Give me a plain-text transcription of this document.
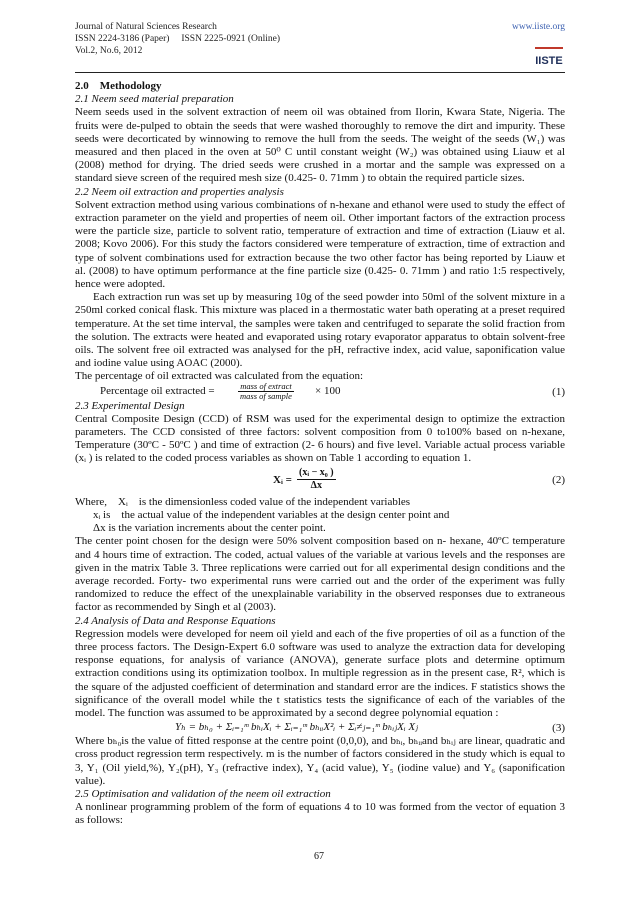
Journal of Natural Sciences Research
ISSN 2224-3186 (Paper)     ISSN 2225-0921 (Online)
Vol.2, No.6, 2012
www.iiste.org
IISTE

2.0    Methodology

2.1 Neem seed material preparation

Neem seeds used in the solvent extraction of neem oil was obtained from Ilorin, Kwara State, Nigeria. The fruits were de-pulped to obtain the seeds that were washed thoroughly to remove the dirt and impurity. These seeds were decorticated by winnowing to remove the hull from the seeds. The weight of the seeds (W₁) was measured and then placed in the oven at 50⁰ C until constant weight (W₂) was obtained using Liauw et al (2008) method for drying. The dried seeds were crushed in a mortar and the sample was expressed on a standard sieve screen of the required mesh size (0.425- 0. 71mm ) to obtain the required particle sizes.

2.2 Neem oil extraction and properties analysis

Solvent extraction method using various combinations of n-hexane and ethanol were used to study the effect of extraction parameter on the yield and properties of neem oil. Other important factors of the extraction process were the particle size, particle to solvent ratio, temperature of extraction and time of extraction (Liauw et al. 2008; Kovo 2006). For this study the factors considered were temperature of extraction, time of extraction and type of solvent combinations used for extraction because the two other factor has being reported by Liauw et al. (2008) to have optimum performance at the fine particle size (0.425- 0. 71mm ) and ratio 1:5 respectively, hence were adopted.

Each extraction run was set up by measuring 10g of the seed powder into 50ml of the solvent mixture in a 250ml corked conical flask. This mixture was placed in a thermostatic water bath operating at a preset required temperature. At the set time interval, the samples were taken and centrifuged to separate the solid fraction from the solution. The extracts were heated and evaporated using rotary evaporator apparatus to obtain solvent-free oils. The solvent free oil extracted was analysed for the pH, refractive index, acid value, saponification value and iodine value using AOAC (2000).

The percentage of oil extracted was calculated from the equation:

Percentage oil extracted =	mass of extract
mass of sample × 100	(1)

2.3 Experimental Design

Central Composite Design (CCD) of RSM was used for the experimental design to optimize the extraction parameters. The CCD consisted of three factors: solvent composition from 0 to100% based on n-hexane, Temperature (30ºC - 50ºC ) and time of extraction (2- 6 hours) and five level. Variable actual process variable (xᵢ ) is related to the coded process variables as shown on Table 1 according to equation 1.

Xᵢ = $\frac{\text{(xᵢ − x₀ )}}{\Delta x}$	(2)

Where,    Xᵢ    is the dimensionless coded value of the independent variables

xᵢ is    the actual value of the independent variables at the design center point and

Δx is the variation increments about the center point.

The center point chosen for the design were 50% solvent composition based on n- hexane, 40ºC temperature and 4 hours time of extraction. The coded, actual values of the variable at various levels and the responses are given in the matrix Table 3. Three replications were carried out for all experimental design conditions and the average recorded. Forty- two experimental runs were carried out and the order of the experiment was fully randomized to reduce the effect of the unexplainable variability in the observed responses due to extraneous factor as recommended by Singh et al (2003).

2.4 Analysis of Data and Response Equations

Regression models were developed for neem oil yield and each of the five properties of oil as a function of the three process factors. The Design-Expert 6.0 software was used to analyze the extraction data for developing response equations, for analysis of variance (ANOVA), generate surface plots and determine optimum extraction conditions using its optimization toolbox. In multiple regression as in the present case, R², which is the square of the adjusted coefficient of determination and standard error are the indices. F statistics shows the significance of the overall model while the t statistics tests the significance of each of the variables of the model. The function was assumed to be approximated by a second degree polynomial equation :

Yₕ = bₕ₀ + Σᵢ₌₁ᵐ bₕᵢXᵢ + Σᵢ₌₁ᵐ bₕᵢᵢX²ᵢ + Σᵢ≠ⱼ₌₁ᵐ bₕᵢⱼXᵢ Xⱼ	(3)

Where bₕ₀is the value of fitted response at the centre point (0,0,0), and bₕᵢ, bₕᵢᵢand bₕᵢⱼ are linear, quadratic and cross product regression term respectively. m is the number of factors considered in the study which is equal to 3, Y₁ (Oil yield,%), Y₂(pH), Y₃ (refractive index), Y₄ (acid value), Y₅ (iodine value) and Y₆ (saponification value).

2.5 Optimisation and validation of the neem oil extraction

A nonlinear programming problem of the form of equations 4 to 10 was formed from the vector of equation 3 as follows:

67
